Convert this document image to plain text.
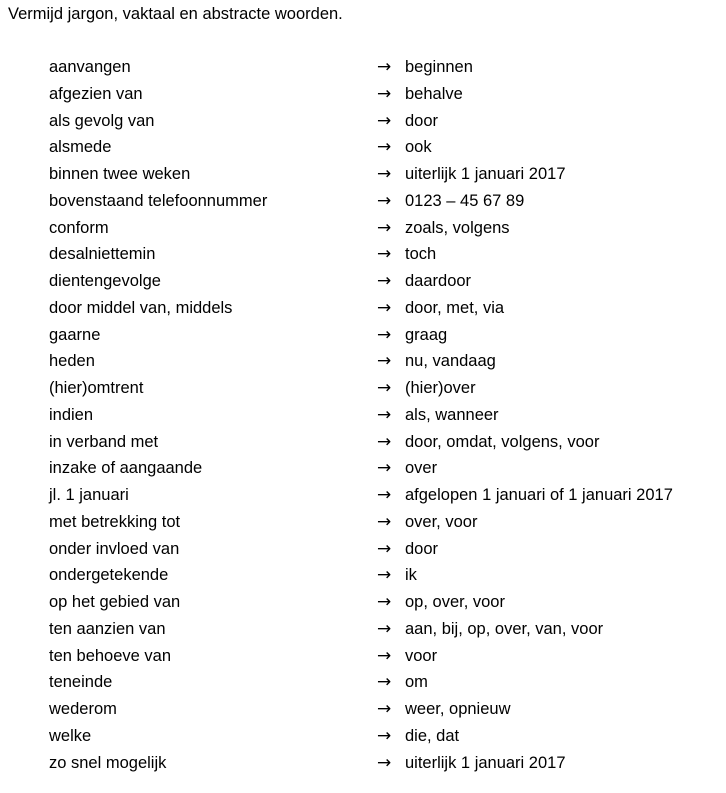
Vermijd jargon, vaktaal en abstracte woorden.

aanvangen	→ beginnen
afgezien van	→ behalve
als gevolg van	→ door
alsmede	→ ook
binnen twee weken	→ uiterlijk 1 januari 2017
bovenstaand telefoonnummer	→ 0123 – 45 67 89
conform	→ zoals, volgens
desalniettemin	→ toch
dientengevolge	→ daardoor
door middel van, middels	→ door, met, via
gaarne	→ graag
heden	→ nu, vandaag
(hier)omtrent	→ (hier)over
indien	→ als, wanneer
in verband met	→ door, omdat, volgens, voor
inzake of aangaande	→ over
jl. 1 januari	→ afgelopen 1 januari of 1 januari 2017
met betrekking tot	→ over, voor
onder invloed van	→ door
ondergetekende	→ ik
op het gebied van	→ op, over, voor
ten aanzien van	→ aan, bij, op, over, van, voor
ten behoeve van	→ voor
teneinde	→ om
wederom	→ weer, opnieuw
welke	→ die, dat
zo snel mogelijk	→ uiterlijk 1 januari 2017
